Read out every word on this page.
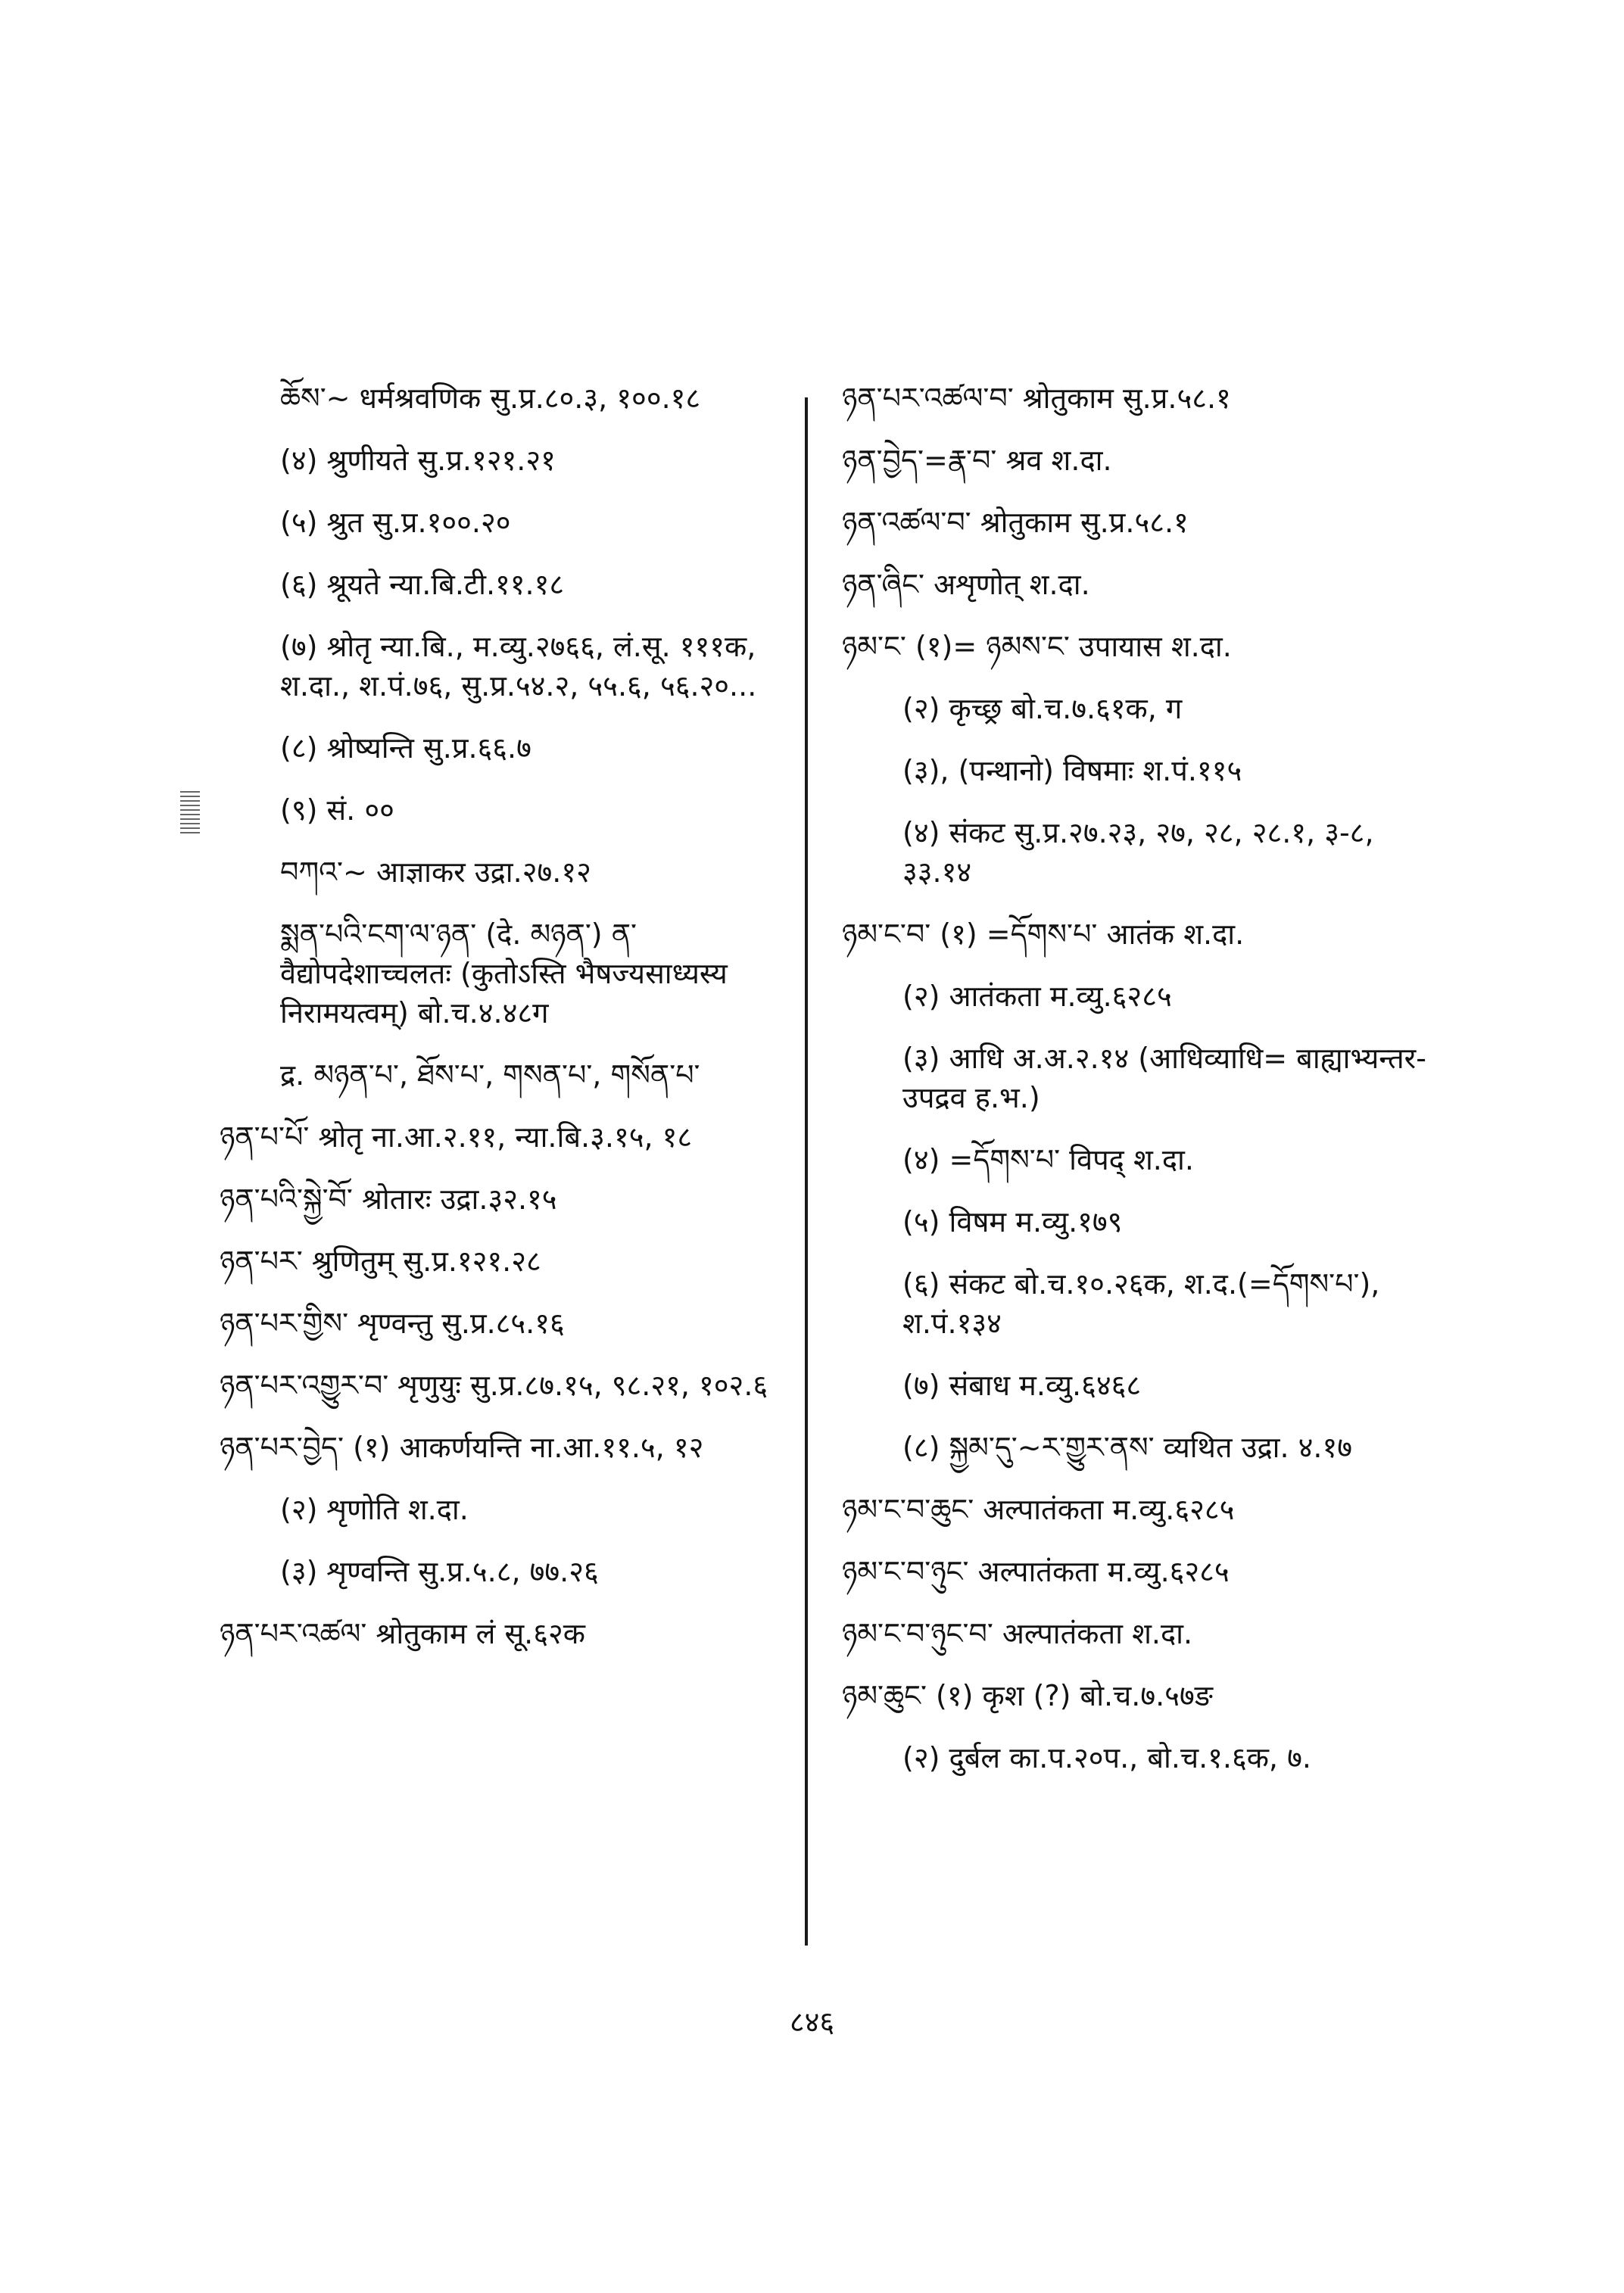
ཆོས་~ धर्मश्रवणिक सु.प्र.८०.३, १००.१८
(४) श्रुणीयते सु.प्र.१२१.२१
(५) श्रुत सु.प्र.१००.२०
(६) श्रूयते न्या.बि.टी.११.१८
(७) श्रोतृ न्या.बि., म.व्यु.२७६६, लं.सू. १११क, श.दा., श.पं.७६, सु.प्र.५४.२, ५५.६, ५६.२०...
(८) श्रोष्यन्ति सु.प्र.६६.७
(९) सं. ००
བཀའ་~ आज्ञाकर उद्रा.२७.१२
སྨན་པའི་ངག་ལ་ཉན་ (दे. མཉན་) ན་ वैद्योपदेशाच्चलतः (कुतोऽस्ति भैषज्यसाध्यस्य निरामयत्वम्) बो.च.४.४८ग
द्र. མཉན་པ་, ཐོས་པ་, གསན་པ་, གསོན་པ་
ཉན་པ་པོ་ श्रोतृ ना.आ.२.११, न्या.बि.३.१५, १८
ཉན་པའི་སྐྱེ་བོ་ श्रोतारः उद्रा.३२.१५
ཉན་པར་ श्रुणितुम् सु.प्र.१२१.२८
ཉན་པར་གྱིས་ शृण्वन्तु सु.प्र.८५.१६
ཉན་པར་འགྱུར་བ་ शृणुयुः सु.प्र.८७.१५, ९८.२१, १०२.६
ཉན་པར་བྱེད་ (१) आकर्णयन्ति ना.आ.११.५, १२
(२) शृणोति श.दा.
(३) शृण्वन्ति सु.प्र.५.८, ७७.२६
ཉན་པར་འཚལ་ श्रोतुकाम लं सू.६२क
ཉན་པར་འཚལ་བ་ श्रोतुकाम सु.प्र.५८.१
ཉན་བྱེད་=རྣ་བ་ श्रव श.दा.
ཉན་འཚལ་བ་ श्रोतुकाम सु.प्र.५८.१
ཉན་ཞིང་ अशृणोत् श.दा.
ཉམ་ང་ (१)= ཉམས་ང་ उपायास श.दा.
(२) कृच्छ्र बो.च.७.६१क, ग
(३), (पन्थानो) विषमाः श.पं.११५
(४) संकट सु.प्र.२७.२३, २७, २८, २८.१, ३-८, ३३.१४
ཉམ་ང་བ་ (१) =དོགས་པ་ आतंक श.दा.
(२) आतंकता म.व्यु.६२८५
(३) आधि अ.अ.२.१४ (आधिव्याधि= बाह्याभ्यन्तर-उपद्रव ह.भ.)
(४) =དོགས་པ་ विपद् श.दा.
(५) विषम म.व्यु.१७९
(६) संकट बो.च.१०.२६क, श.द.(=དོགས་པ་), श.पं.१३४
(७) संबाध म.व्यु.६४६८
(८) སྐྱམ་དུ་~ར་གྱུར་ནས་ व्यथित उद्रा. ४.१७
ཉམ་ང་བ་ཆུང་ अल्पातंकता म.व्यु.६२८५
ཉམ་ང་བ་ཉུང་ अल्पातंकता म.व्यु.६२८५
ཉམ་ང་བ་ཉུང་བ་ अल्पातंकता श.दा.
ཉམ་ཆུང་ (१) कृश (?) बो.च.७.५७ङ
(२) दुर्बल का.प.२०प., बो.च.१.६क, ७.
८४६
